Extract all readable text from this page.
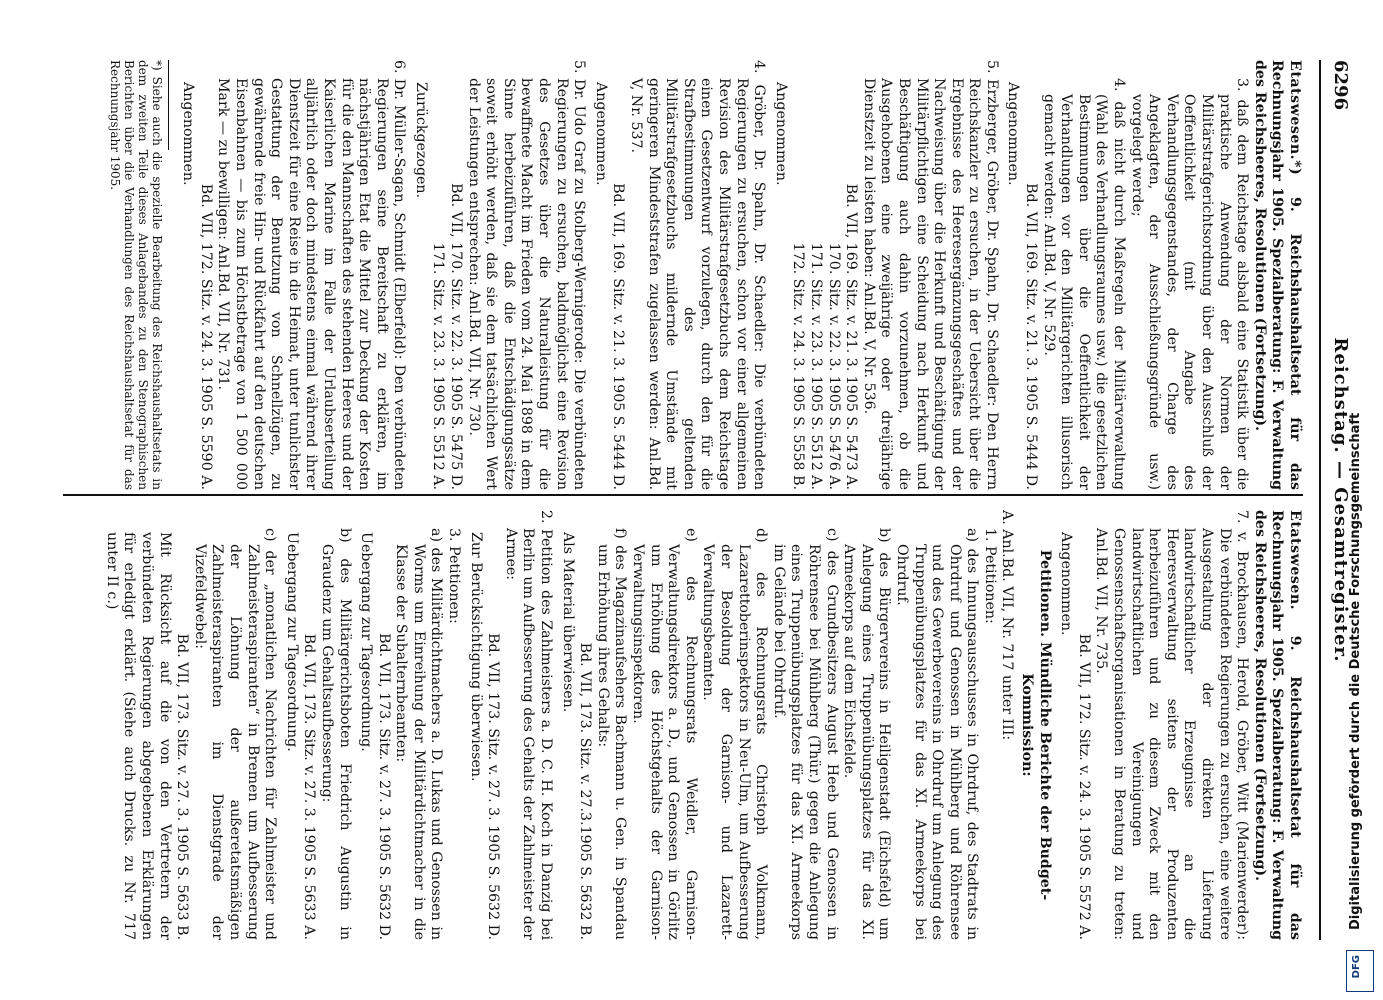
6296
Reichstag. — Gesamtregister.

Etatswesen.*) 9. Reichshaushaltsetat für das Rechnungsjahr 1905. Spezialberatung: F. Verwaltung des Reichsheeres, Resolutionen (Fortsetzung).

3. daß dem Reichstage alsbald eine Statistik über die praktische Anwendung der Normen der Militärstrafgerichtsordnung über den Ausschluß der Oeffentlichkeit (mit Angabe des Verhandlungsgegenstandes, der Charge des Angeklagten, der Ausschließungsgründe usw.) vorgelegt werde;

4. daß nicht durch Maßregeln der Militärverwaltung (Wahl des Verhandlungsraumes usw.) die gesetzlichen Bestimmungen über die Oeffentlichkeit der Verhandlungen vor den Militärgerichten illusorisch gemacht werden: Anl.Bd. V, Nr. 529.

Bd. VII, 169. Sitz. v. 21. 3. 1905 S. 5444 D.

Angenommen.

5. Erzberger, Gröber, Dr. Spahn, Dr. Schaedler: Den Herrn Reichskanzler zu ersuchen, in der Uebersicht über die Ergebnisse des Heeresergänzungsgeschäftes und der Nachweisung über die Herkunft und Beschäftigung der Militärpflichtigen eine Scheidung nach Herkunft und Beschäftigung auch dahin vorzunehmen, ob die Ausgehobenen eine zweijährige oder dreijährige Dienstzeit zu leisten haben: Anl.Bd. V, Nr. 536.

Bd. VII, 169. Sitz. v. 21. 3. 1905 S. 5473 A.

170. Sitz. v. 22. 3. 1905 S. 5476 A.

171. Sitz. v. 23. 3. 1905 S. 5512 A.

172. Sitz. v. 24. 3. 1905 S. 5558 B.

Angenommen.

4. Gröber, Dr. Spahn, Dr. Schaedler: Die verbündeten Regierungen zu ersuchen, schon vor einer allgemeinen Revision des Militärstrafgesetzbuchs dem Reichstage einen Gesetzentwurf vorzulegen, durch den für die Strafbestimmungen des geltenden Militärstrafgesetzbuchs mildernde Umstände mit geringeren Mindeststrafen zugelassen werden: Anl.Bd. V, Nr. 537.

Bd. VII, 169. Sitz. v. 21. 3. 1905 S. 5444 D.

Angenommen.

5. Dr. Udo Graf zu Stolberg-Wernigerode: Die verbündeten Regierungen zu ersuchen, baldmöglichst eine Revision des Gesetzes über die Naturalleistung für die bewaffnete Macht im Frieden vom 24. Mai 1898 in dem Sinne herbeizuführen, daß die Entschädigungssätze soweit erhöht werden, daß sie dem tatsächlichen Wert der Leistungen entsprechen: Anl.Bd. VII, Nr. 730.

Bd. VII, 170. Sitz. v. 22. 3. 1905 S. 5475 D.

171. Sitz. v. 23. 3. 1905 S. 5512 A.

Zurückgezogen.

6. Dr. Müller-Sagan, Schmidt (Elberfeld): Den verbündeten Regierungen seine Bereitschaft zu erklären, im nächstjährigen Etat die Mittel zur Deckung der Kosten für die den Mannschaften des stehenden Heeres und der Kaiserlichen Marine im Falle der Urlaubserteilung alljährlich oder doch mindestens einmal während ihrer Dienstzeit für eine Reise in die Heimat, unter tunlichster Gestattung der Benutzung von Schnellzügen, zu gewährende freie Hin- und Rückfahrt auf den deutschen Eisenbahnen — bis zum Höchstbetrage von 1 500 000 Mark — zu bewilligen: Anl.Bd. VII, Nr. 731.

Bd. VII, 172. Sitz. v. 24. 3. 1905 S. 5590 A.

Angenommen.

*) Siehe auch die spezielle Bearbeitung des Reichshaushaltsetats in dem zweiten Teile dieses Anlagebandes zu den Stenographischen Berichten über die Verhandlungen des Reichshaushaltsetat für das Rechnungsjahr 1905.

Etatswesen. 9. Reichshaushaltsetat für das Rechnungsjahr 1905. Spezialberatung: F. Verwaltung des Reichsheeres, Resolutionen (Fortsetzung).

7. v. Brockhausen, Herold, Gröber, Witt (Marienwerder): Die verbündeten Regierungen zu ersuchen, eine weitere Ausgestaltung der direkten Lieferung landwirtschaftlicher Erzeugnisse an die Heeresverwaltung seitens der Produzenten herbeizuführen und zu diesem Zweck mit den landwirtschaftlichen Vereinigungen und Genossenschaftsorganisationen in Beratung zu treten: Anl.Bd. VII, Nr. 735.

Bd. VII, 172. Sitz. v. 24. 3. 1905 S. 5572 A.

Angenommen.

Petitionen. Mündliche Berichte der Budget-Kommission:

A. Anl.Bd. VII, Nr. 717 unter III:

1. Petitionen:

a) des Innungsausschusses in Ohrdruf, des Stadtrats in Ohrdruf und Genossen in Mühlberg und Röhrensee und des Gewerbevereins in Ohrdruf um Anlegung des Truppenübungsplatzes für das XI. Armeekorps bei Ohrdruf.

b) des Bürgervereins in Heiligenstadt (Eichsfeld) um Anlegung eines Truppenübungsplatzes für das XI. Armeekorps auf dem Eichsfelde.

c) des Grundbesitzers August Heeb und Genossen in Röhrensee bei Mühlberg (Thür.) gegen die Anlegung eines Truppenübungsplatzes für das XI. Armeekorps im Gelände bei Ohrdruf.

d) des Rechnungsrats Christoph Volkmann, Lazarettoberinspektors in Neu-Ulm, um Aufbesserung der Besoldung der Garnison- und Lazarett-Verwaltungsbeamten.

e) des Rechnungsrats Weidler, Garnison-Verwaltungsdirektors a. D., und Genossen in Görlitz um Erhöhung des Höchstgehalts der Garnison-Verwaltungsinspektoren.

f) des Magazinaufsehers Bachmann u. Gen. in Spandau um Erhöhung ihres Gehalts:

Bd. VII, 173. Sitz. v. 27.3.1905 S. 5632 B.

Als Material überwiesen.

2. Petition des Zahlmeisters a. D. C. H. Koch in Danzig bei Berlin um Aufbesserung des Gehalts der Zahlmeister der Armee:

Bd. VII, 173. Sitz. v. 27. 3. 1905 S. 5632 D.

Zur Berücksichtigung überwiesen.

3. Petitionen:

a) des Militärdichtmachers a. D. Lukas und Genossen in Worms um Einreihung der Militärdichtmacher in die Klasse der Subalternbeamten:

Bd. VII, 173. Sitz. v. 27. 3. 1905 S. 5632 D.

Uebergang zur Tagesordnung.

b) des Militärgerichtsboten Friedrich Augustin in Graudenz um Gehaltsaufbesserung:

Bd. VII, 173. Sitz. v. 27. 3. 1905 S. 5633 A.

Uebergang zur Tagesordnung.

c) der „monatlichen Nachrichten für Zahlmeister und Zahlmeisteraspiranten“ in Bremen um Aufbesserung der Löhnung der außeretatsmäßigen Zahlmeisteraspiranten im Dienstgrade der Vizefeldwebel:

Bd. VII, 173. Sitz. v. 27. 3. 1905 S. 5633 B.

Mit Rücksicht auf die von den Vertretern der verbündeten Regierungen abgegebenen Erklärungen für erledigt erklärt. (Siehe auch Drucks. zu Nr. 717 unter II c.)	Digitalisierung gefördert durch die Deutsche Forschungsgemeinschaft
DFG
